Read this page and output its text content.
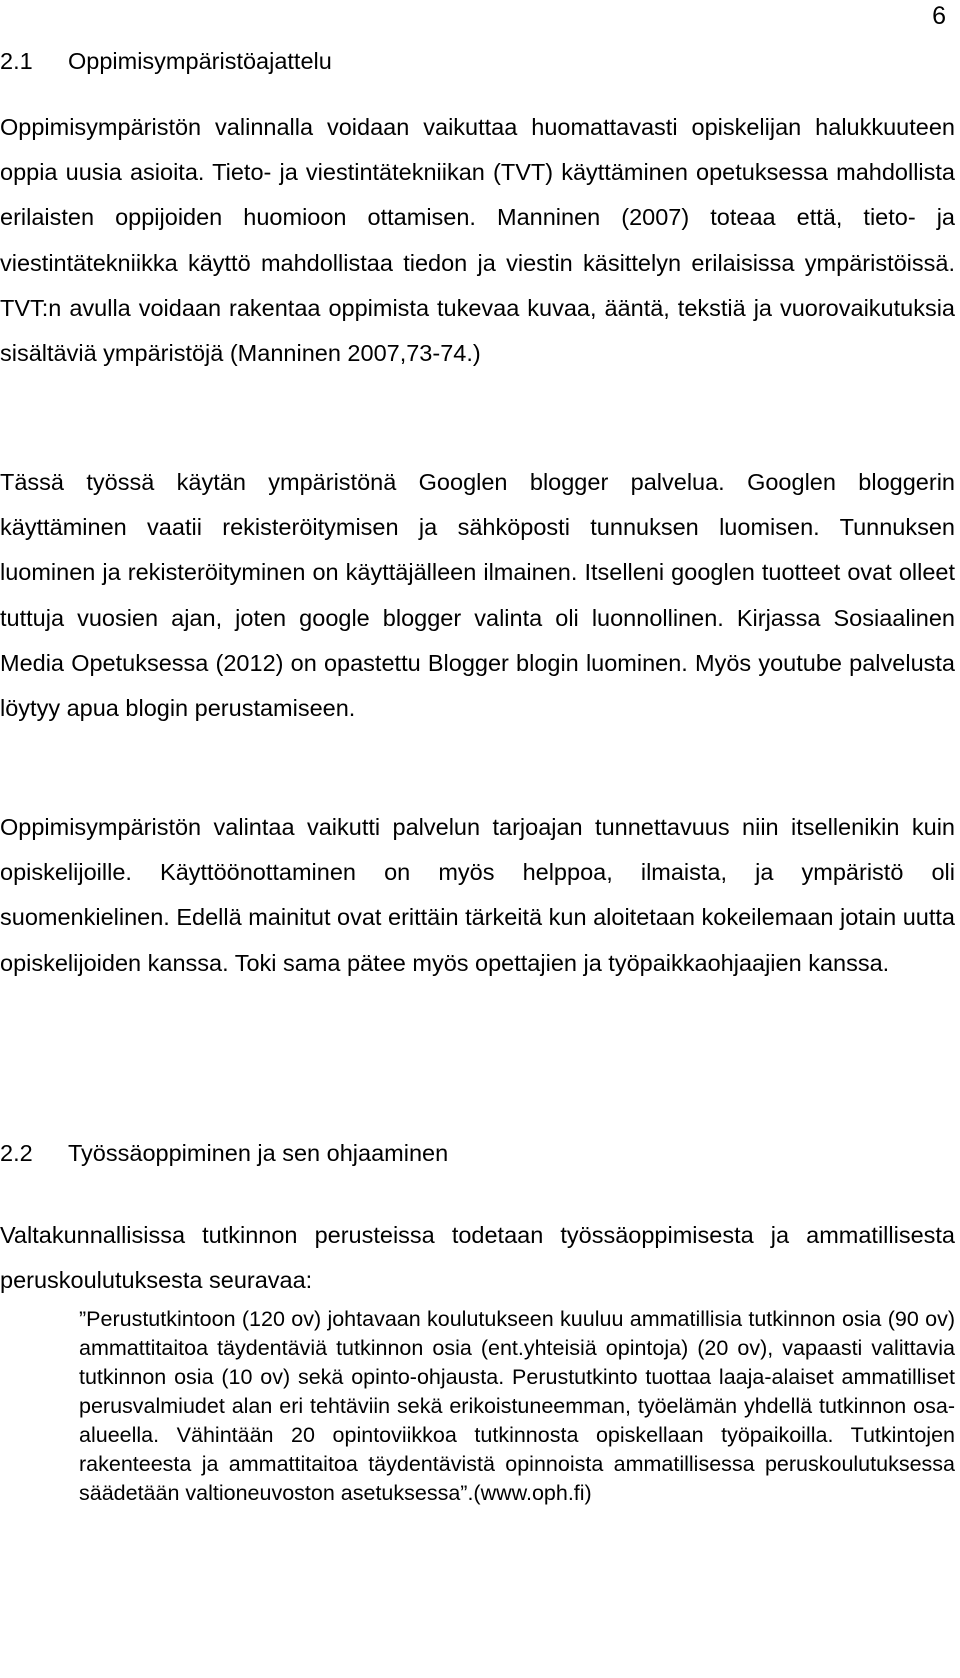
6

2.1 Oppimisympäristöajattelu

Oppimisympäristön valinnalla voidaan vaikuttaa huomattavasti opiskelijan halukkuuteen oppia uusia asioita. Tieto- ja viestintätekniikan (TVT) käyttäminen opetuksessa mahdollista erilaisten oppijoiden huomioon ottamisen. Manninen (2007) toteaa että, tieto- ja viestintätekniikka käyttö mahdollistaa tiedon ja viestin käsittelyn erilaisissa ympäristöissä. TVT:n avulla voidaan rakentaa oppimista tukevaa kuvaa, ääntä, tekstiä ja vuorovaikutuksia sisältäviä ympäristöjä (Manninen 2007,73-74.)

Tässä työssä käytän ympäristönä Googlen blogger palvelua. Googlen bloggerin käyttäminen vaatii rekisteröitymisen ja sähköposti tunnuksen luomisen. Tunnuksen luominen ja rekisteröityminen on käyttäjälleen ilmainen. Itselleni googlen tuotteet ovat olleet tuttuja vuosien ajan, joten google blogger valinta oli luonnollinen. Kirjassa Sosiaalinen Media Opetuksessa (2012) on opastettu Blogger blogin luominen. Myös youtube palvelusta löytyy apua blogin perustamiseen.

Oppimisympäristön valintaa vaikutti palvelun tarjoajan tunnettavuus niin itsellenikin kuin opiskelijoille. Käyttöönottaminen on myös helppoa, ilmaista, ja ympäristö oli suomenkielinen. Edellä mainitut ovat erittäin tärkeitä kun aloitetaan kokeilemaan jotain uutta opiskelijoiden kanssa. Toki sama pätee myös opettajien ja työpaikkaohjaajien kanssa.

2.2 Työssäoppiminen ja sen ohjaaminen

Valtakunnallisissa tutkinnon perusteissa todetaan työssäoppimisesta ja ammatillisesta peruskoulutuksesta seuravaa:

”Perustutkintoon (120 ov) johtavaan koulutukseen kuuluu ammatillisia tutkinnon osia (90 ov) ammattitaitoa täydentäviä tutkinnon osia (ent.yhteisiä opintoja) (20 ov), vapaasti valittavia tutkinnon osia (10 ov) sekä opinto-ohjausta. Perustutkinto tuottaa laaja-alaiset ammatilliset perusvalmiudet alan eri tehtäviin sekä erikoistuneemman, työelämän yhdellä tutkinnon osa-alueella. Vähintään 20 opintoviikkoa tutkinnosta opiskellaan työpaikoilla. Tutkintojen rakenteesta ja ammattitaitoa täydentävistä opinnoista ammatillisessa peruskoulutuksessa säädetään valtioneuvoston asetuksessa”.(www.oph.fi)
